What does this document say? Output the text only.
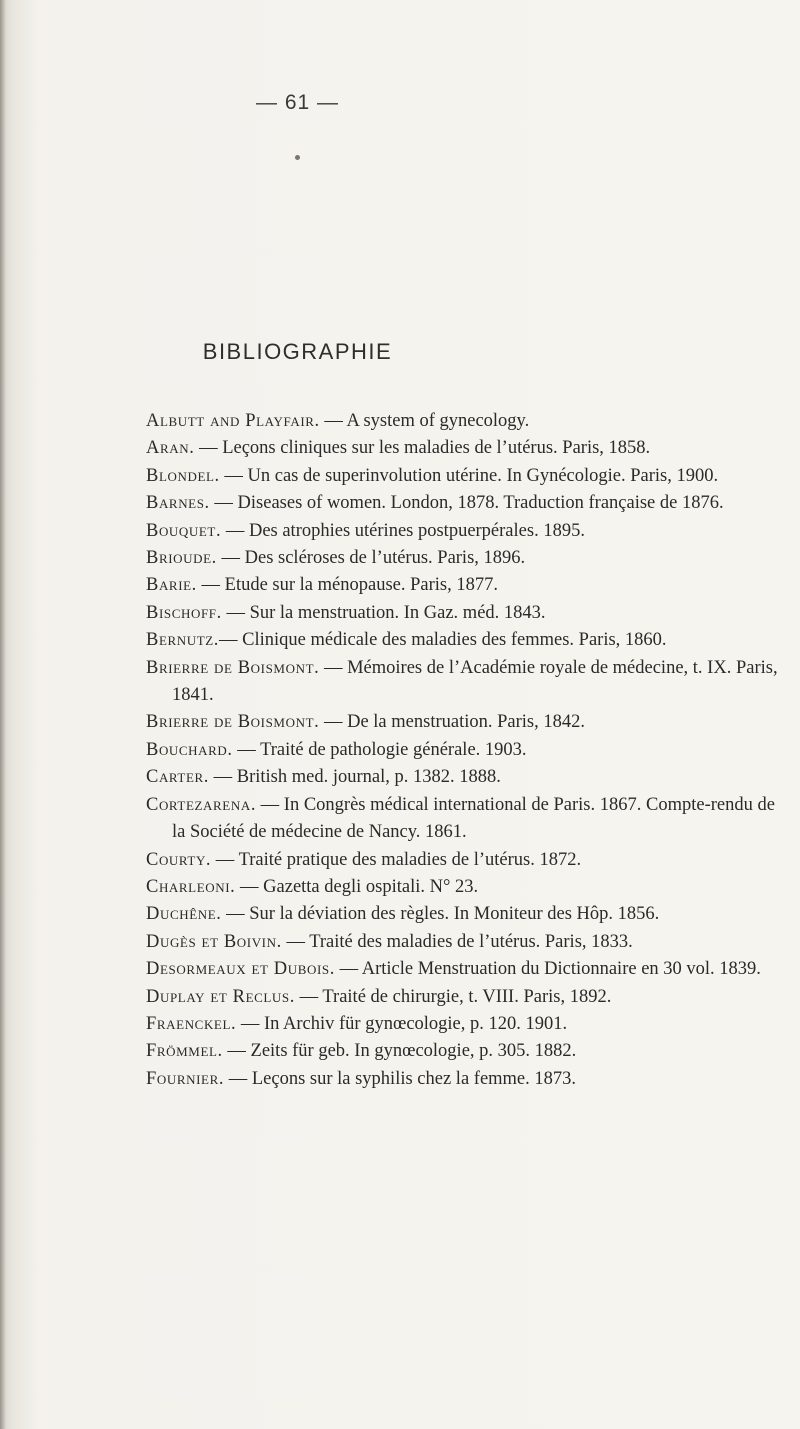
— 61 —
BIBLIOGRAPHIE
Albutt and Playfair. — A system of gynecology.
Aran. — Leçons cliniques sur les maladies de l’utérus. Paris, 1858.
Blondel. — Un cas de superinvolution utérine. In Gynécologie. Paris, 1900.
Barnes. — Diseases of women. London, 1878. Traduction française de 1876.
Bouquet. — Des atrophies utérines postpuerpérales. 1895.
Brioude. — Des scléroses de l’utérus. Paris, 1896.
Barie. — Etude sur la ménopause. Paris, 1877.
Bischoff. — Sur la menstruation. In Gaz. méd. 1843.
Bernutz.— Clinique médicale des maladies des femmes. Paris, 1860.
Brierre de Boismont. — Mémoires de l’Académie royale de médecine, t. IX. Paris, 1841.
Brierre de Boismont. — De la menstruation. Paris, 1842.
Bouchard. — Traité de pathologie générale. 1903.
Carter. — British med. journal, p. 1382. 1888.
Cortezarena. — In Congrès médical international de Paris. 1867. Compte-rendu de la Société de médecine de Nancy. 1861.
Courty. — Traité pratique des maladies de l’utérus. 1872.
Charleoni. — Gazetta degli ospitali. N° 23.
Duchêne. — Sur la déviation des règles. In Moniteur des Hôp. 1856.
Dugès et Boivin. — Traité des maladies de l’utérus. Paris, 1833.
Desormeaux et Dubois. — Article Menstruation du Dictionnaire en 30 vol. 1839.
Duplay et Reclus. — Traité de chirurgie, t. VIII. Paris, 1892.
Fraenckel. — In Archiv für gynœcologie, p. 120. 1901.
Frömmel. — Zeits für geb. In gynœcologie, p. 305. 1882.
Fournier. — Leçons sur la syphilis chez la femme. 1873.
